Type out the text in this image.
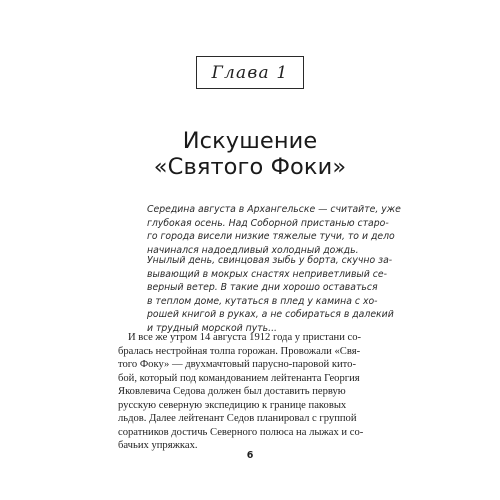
Глава 1
Искушение
«Святого Фоки»
Середина августа в Архангельске — считайте, уже
глубокая осень. Над Соборной пристанью старо-
го города висели низкие тяжелые тучи, то и дело
начинался надоедливый холодный дождь.
Унылый день, свинцовая зыбь у борта, скучно за-
вывающий в мокрых снастях неприветливый се-
верный ветер. В такие дни хорошо оставаться
в теплом доме, кутаться в плед у камина с хо-
рошей книгой в руках, а не собираться в далекий
и трудный морской путь...
И все же утром 14 августа 1912 года у пристани со-
бралась нестройная толпа горожан. Провожали «Свя-
того Фоку» — двухмачтовый парусно-паровой кито-
бой, который под командованием лейтенанта Георгия
Яковлевича Седова должен был доставить первую
русскую северную экспедицию к границе паковых
льдов. Далее лейтенант Седов планировал с группой
соратников достичь Северного полюса на лыжах и со-
бачьих упряжках.
6
